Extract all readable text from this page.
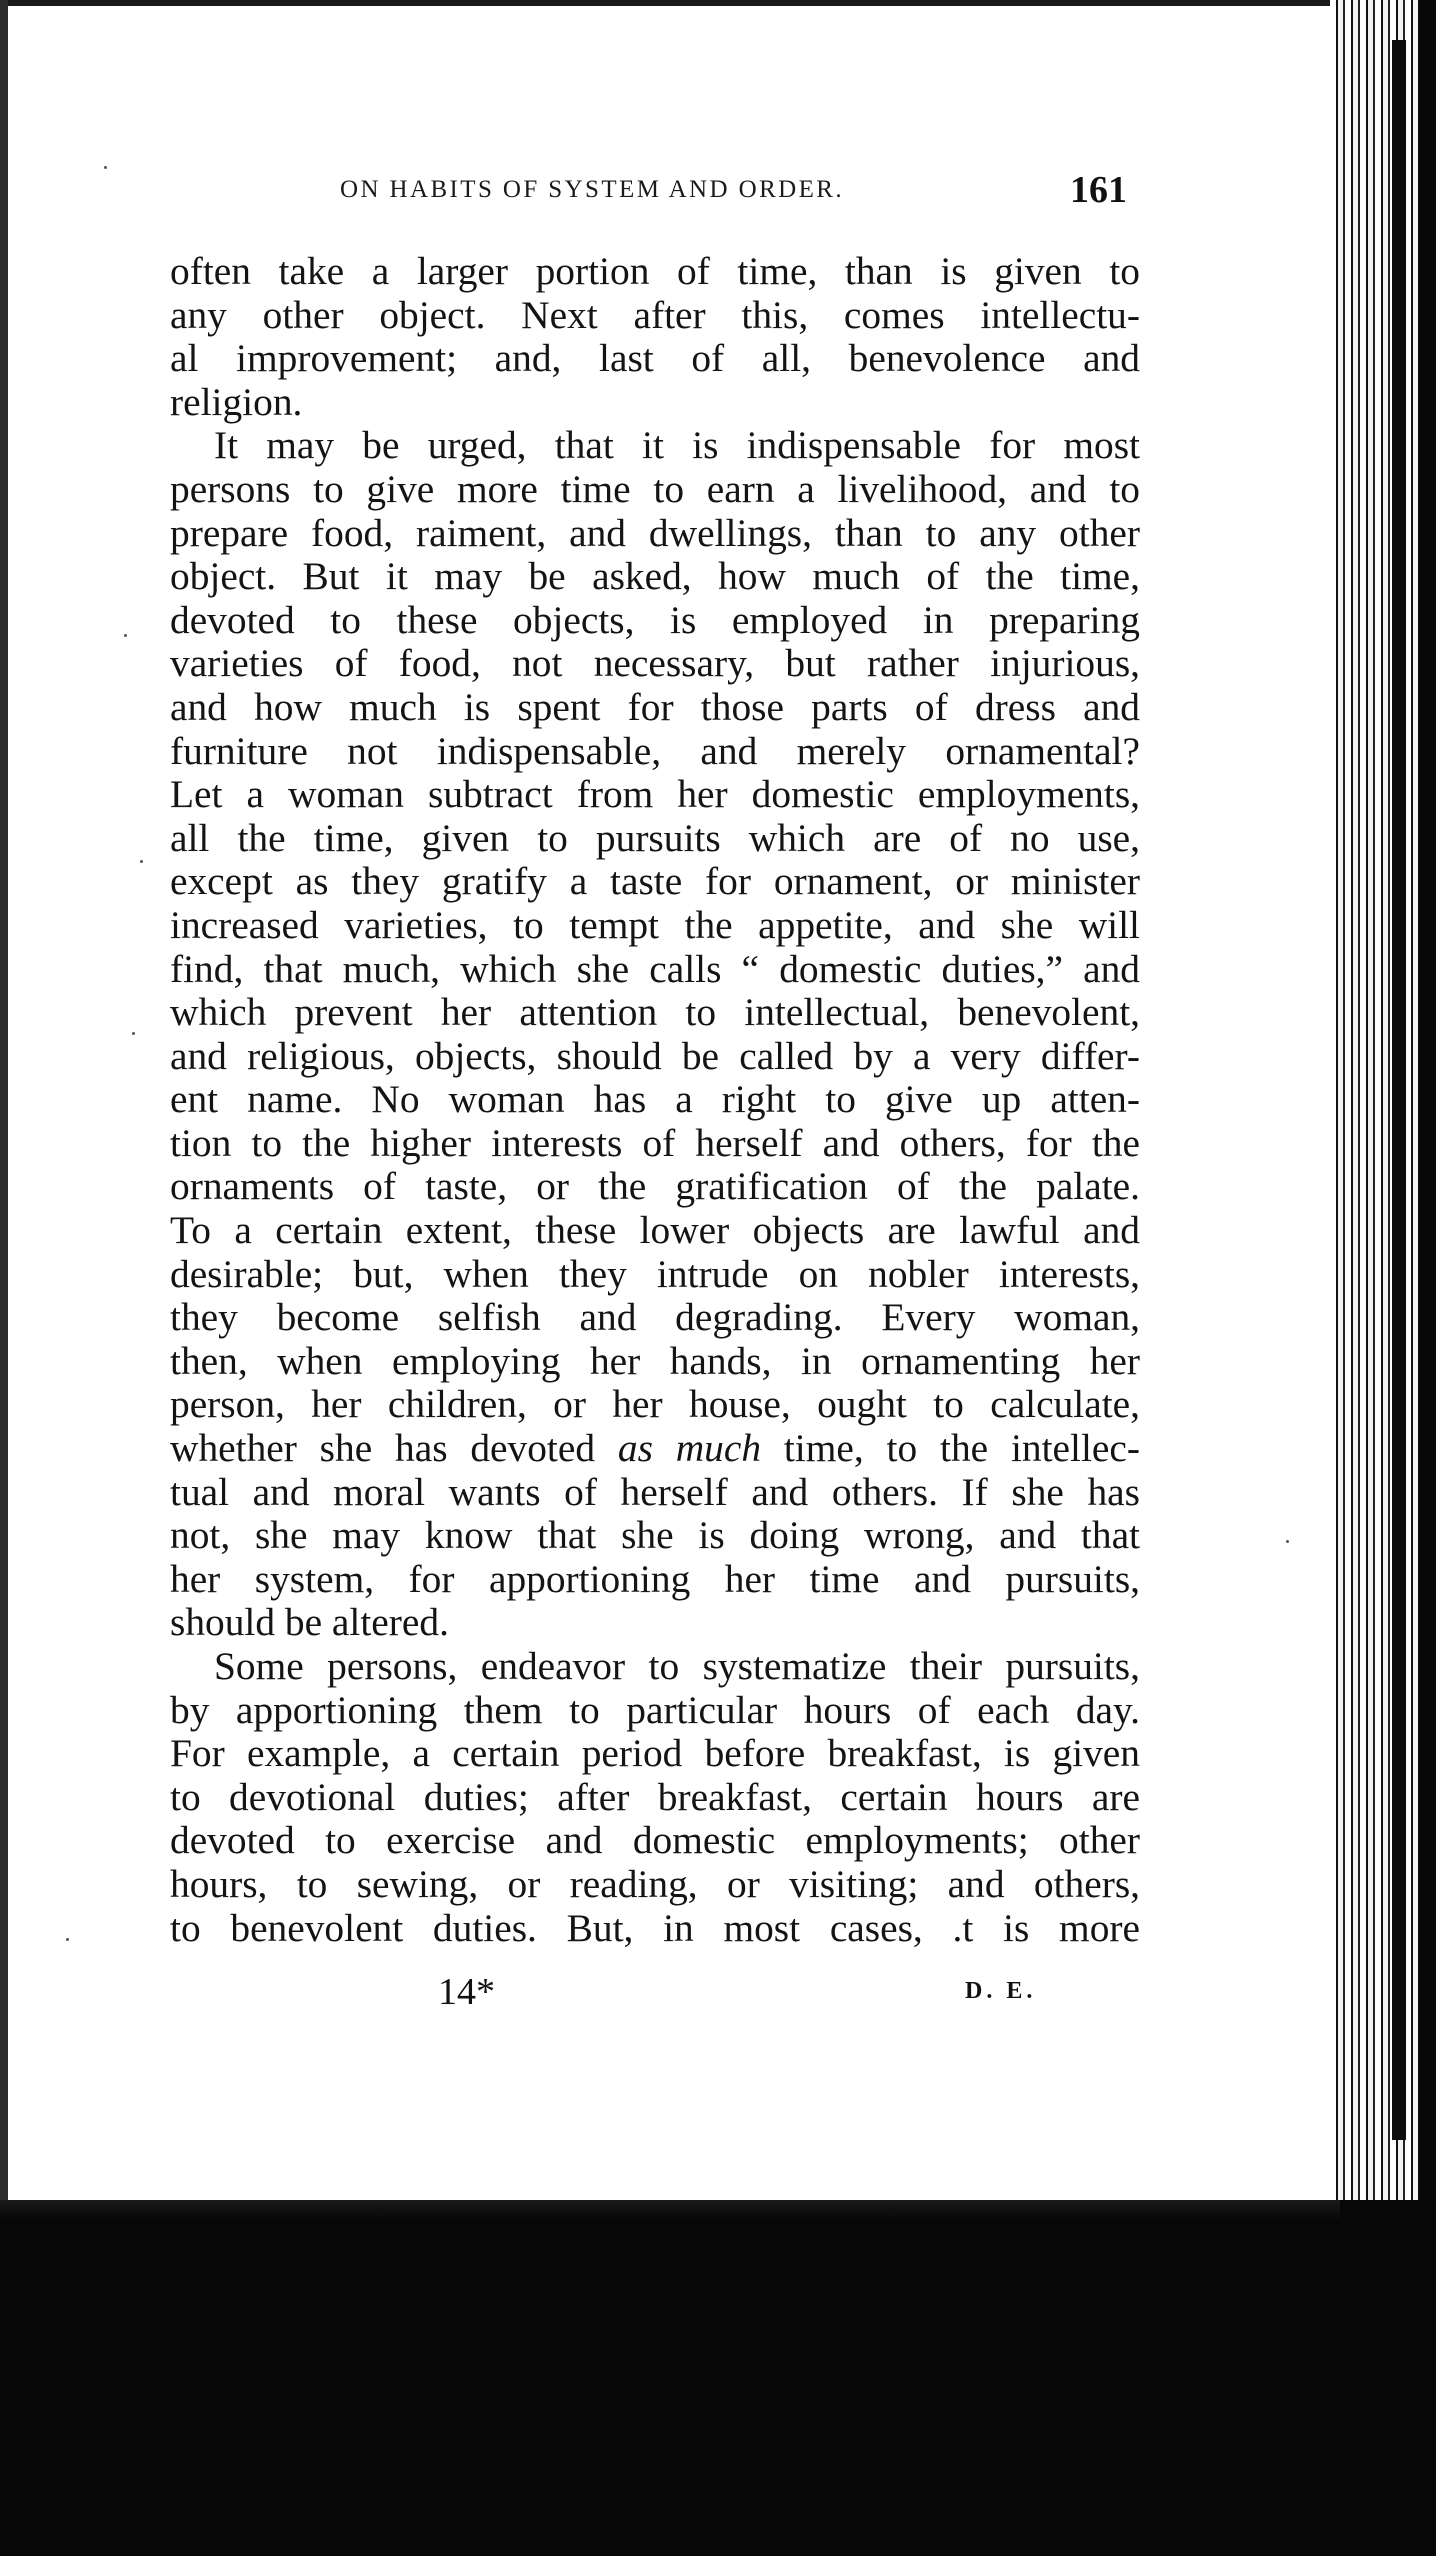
ON HABITS OF SYSTEM AND ORDER.	161

often take a larger portion of time, than is given to
any other object. Next after this, comes intellectu-
al improvement; and, last of all, benevolence and
religion.

It may be urged, that it is indispensable for most
persons to give more time to earn a livelihood, and to
prepare food, raiment, and dwellings, than to any other
object. But it may be asked, how much of the time,
devoted to these objects, is employed in preparing
varieties of food, not necessary, but rather injurious,
and how much is spent for those parts of dress and
furniture not indispensable, and merely ornamental?
Let a woman subtract from her domestic employments,
all the time, given to pursuits which are of no use,
except as they gratify a taste for ornament, or minister
increased varieties, to tempt the appetite, and she will
find, that much, which she calls “ domestic duties,” and
which prevent her attention to intellectual, benevolent,
and religious, objects, should be called by a very differ-
ent name. No woman has a right to give up atten-
tion to the higher interests of herself and others, for the
ornaments of taste, or the gratification of the palate.
To a certain extent, these lower objects are lawful and
desirable; but, when they intrude on nobler interests,
they become selfish and degrading. Every woman,
then, when employing her hands, in ornamenting her
person, her children, or her house, ought to calculate,
whether she has devoted as much time, to the intellec-
tual and moral wants of herself and others. If she has
not, she may know that she is doing wrong, and that
her system, for apportioning her time and pursuits,
should be altered.

Some persons, endeavor to systematize their pursuits,
by apportioning them to particular hours of each day.
For example, a certain period before breakfast, is given
to devotional duties; after breakfast, certain hours are
devoted to exercise and domestic employments; other
hours, to sewing, or reading, or visiting; and others,
to benevolent duties. But, in most cases, .t is more

14*	D. E.
